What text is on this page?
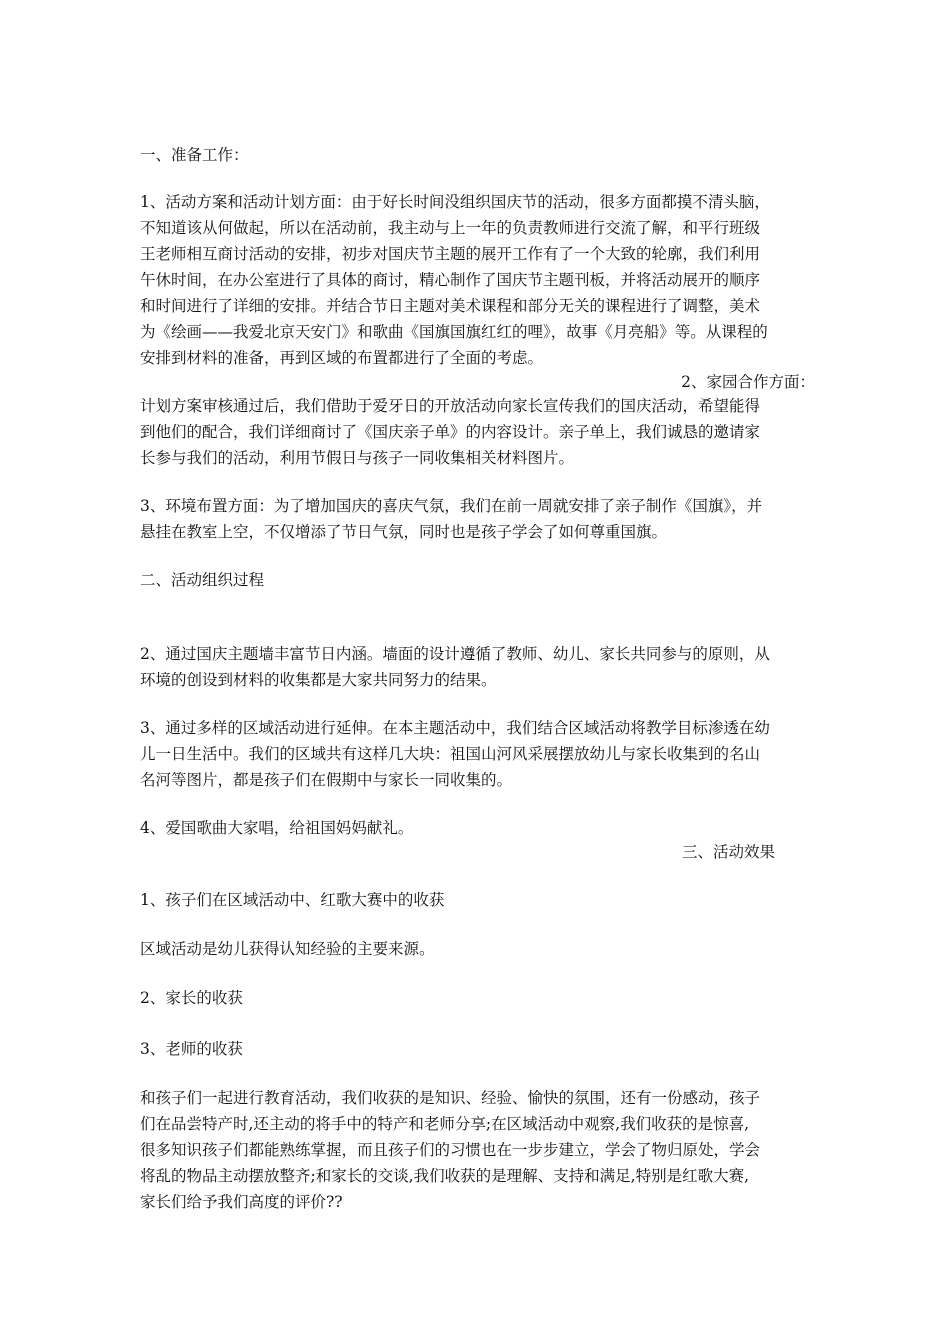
一、准备工作：

1、活动方案和活动计划方面：由于好长时间没组织国庆节的活动，很多方面都摸不清头脑，

不知道该从何做起，所以在活动前，我主动与上一年的负责教师进行交流了解，和平行班级

王老师相互商讨活动的安排，初步对国庆节主题的展开工作有了一个大致的轮廓，我们利用

午休时间，在办公室进行了具体的商讨，精心制作了国庆节主题刊板，并将活动展开的顺序

和时间进行了详细的安排。并结合节日主题对美术课程和部分无关的课程进行了调整，美术

为《绘画——我爱北京天安门》和歌曲《国旗国旗红红的哩》，故事《月亮船》等。从课程的

安排到材料的准备，再到区域的布置都进行了全面的考虑。

2、家园合作方面：

计划方案审核通过后，我们借助于爱牙日的开放活动向家长宣传我们的国庆活动，希望能得

到他们的配合，我们详细商讨了《国庆亲子单》的内容设计。亲子单上，我们诚恳的邀请家

长参与我们的活动，利用节假日与孩子一同收集相关材料图片。

3、环境布置方面：为了增加国庆的喜庆气氛，我们在前一周就安排了亲子制作《国旗》，并

悬挂在教室上空，不仅增添了节日气氛，同时也是孩子学会了如何尊重国旗。

二、活动组织过程

2、通过国庆主题墙丰富节日内涵。墙面的设计遵循了教师、幼儿、家长共同参与的原则，从

环境的创设到材料的收集都是大家共同努力的结果。

3、通过多样的区域活动进行延伸。在本主题活动中，我们结合区域活动将教学目标渗透在幼

儿一日生活中。我们的区域共有这样几大块：祖国山河风采展摆放幼儿与家长收集到的名山

名河等图片，都是孩子们在假期中与家长一同收集的。

4、爱国歌曲大家唱，给祖国妈妈献礼。

三、活动效果

1、孩子们在区域活动中、红歌大赛中的收获

区域活动是幼儿获得认知经验的主要来源。

2、家长的收获

3、老师的收获

和孩子们一起进行教育活动，我们收获的是知识、经验、愉快的氛围，还有一份感动，孩子

们在品尝特产时,还主动的将手中的特产和老师分享;在区域活动中观察,我们收获的是惊喜,

很多知识孩子们都能熟练掌握，而且孩子们的习惯也在一步步建立，学会了物归原处，学会

将乱的物品主动摆放整齐;和家长的交谈,我们收获的是理解、支持和满足,特别是红歌大赛,

家长们给予我们高度的评价??
